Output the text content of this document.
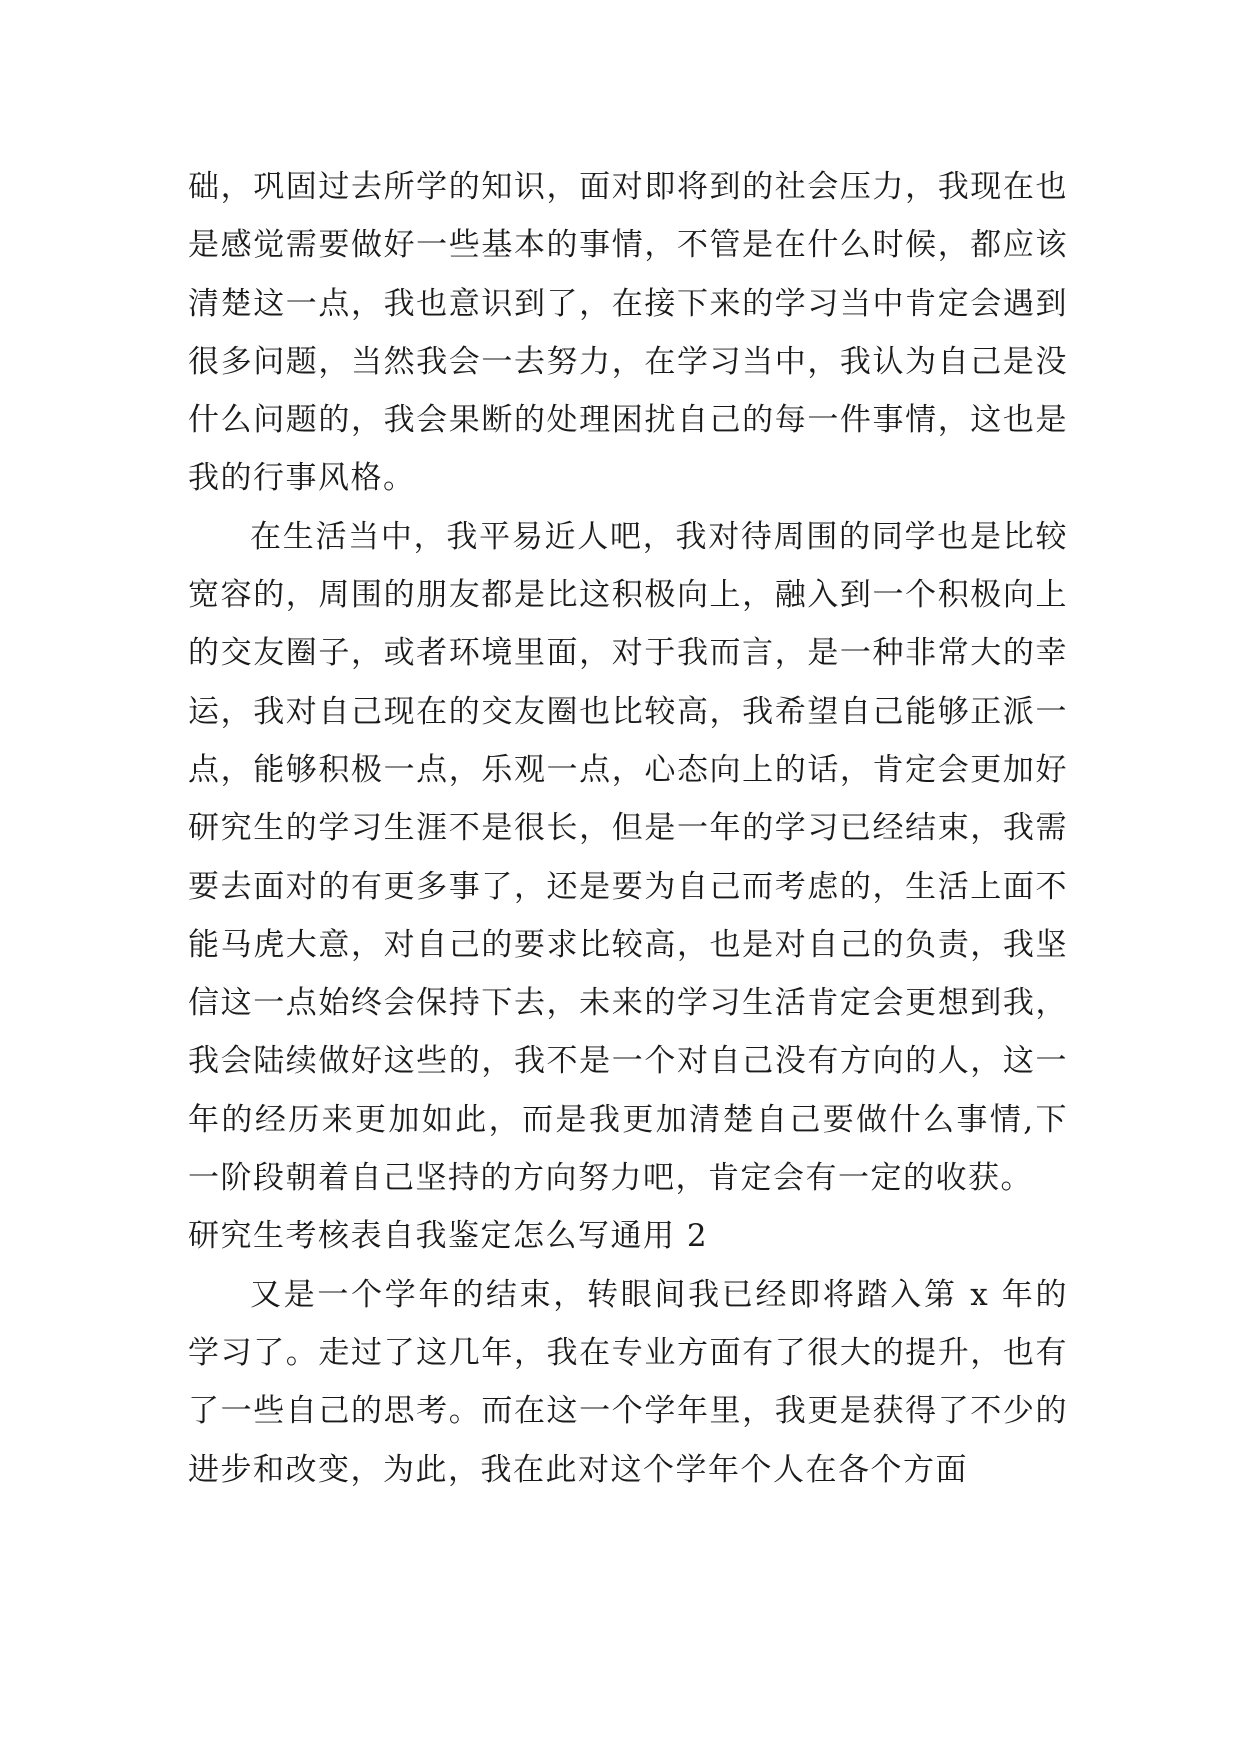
础，巩固过去所学的知识，面对即将到的社会压力，我现在也是感觉需要做好一些基本的事情，不管是在什么时候，都应该清楚这一点，我也意识到了，在接下来的学习当中肯定会遇到很多问题，当然我会一去努力，在学习当中，我认为自己是没什么问题的，我会果断的处理困扰自己的每一件事情，这也是我的行事风格。

在生活当中，我平易近人吧，我对待周围的同学也是比较宽容的，周围的朋友都是比这积极向上，融入到一个积极向上的交友圈子，或者环境里面，对于我而言，是一种非常大的幸运，我对自己现在的交友圈也比较高，我希望自己能够正派一点，能够积极一点，乐观一点，心态向上的话，肯定会更加好研究生的学习生涯不是很长，但是一年的学习已经结束，我需要去面对的有更多事了，还是要为自己而考虑的，生活上面不能马虎大意，对自己的要求比较高，也是对自己的负责，我坚信这一点始终会保持下去，未来的学习生活肯定会更想到我，我会陆续做好这些的，我不是一个对自己没有方向的人，这一年的经历来更加如此，而是我更加清楚自己要做什么事情,下一阶段朝着自己坚持的方向努力吧，肯定会有一定的收获。

研究生考核表自我鉴定怎么写通用 2

又是一个学年的结束，转眼间我已经即将踏入第 x 年的学习了。走过了这几年，我在专业方面有了很大的提升，也有了一些自己的思考。而在这一个学年里，我更是获得了不少的进步和改变，为此，我在此对这个学年个人在各个方面
